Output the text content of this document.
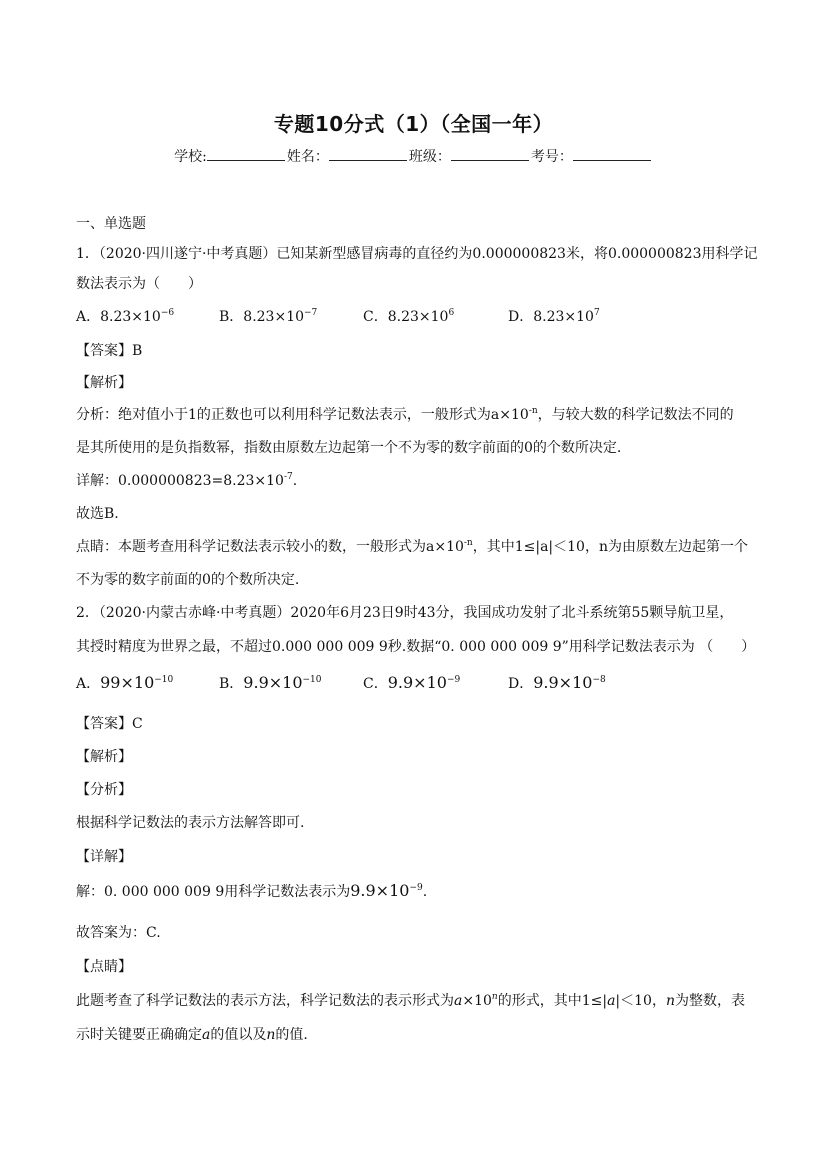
专题10分式（1）（全国一年）
学校:	姓名：	班级：	考号：
一、单选题
1．（2020·四川遂宁·中考真题）已知某新型感冒病毒的直径约为0.000000823米，将0.000000823用科学记
数法表示为（　　）
A．$8.23\times 10^{-6}$	B．$8.23\times 10^{-7}$	C．$8.23\times 10^6$	D．$8.23\times 10^7$
【答案】B
【解析】
分析：绝对值小于1的正数也可以利用科学记数法表示，一般形式为$a\times 10^{-n}$，与较大数的科学记数法不同的
是其所使用的是负指数幂，指数由原数左边起第一个不为零的数字前面的0的个数所决定.
详解：$0.000000823=8.23\times 10^{-7}$.
故选B.
点睛：本题考查用科学记数法表示较小的数，一般形式为$a\times 10^{-n}$，其中1≤|a|＜10，n为由原数左边起第一个
不为零的数字前面的0的个数所决定.
2．（2020·内蒙古赤峰·中考真题）2020年6月23日9时43分，我国成功发射了北斗系统第55颗导航卫星，
其授时精度为世界之最，不超过0.000 000 009 9秒.数据“0. 000 000 009 9”用科学记数法表示为 （　　）
A．$99\times 10^{-10}$	B．$9.9\times 10^{-10}$	C．$9.9\times 10^{-9}$	D．$9.9\times 10^{-8}$
【答案】C
【解析】
【分析】
根据科学记数法的表示方法解答即可.
【详解】
解：0. 000 000 009 9用科学记数法表示为$9.9\times 10^{-9}$.
故答案为：C.
【点睛】
此题考查了科学记数法的表示方法，科学记数法的表示形式为$a\times 10^n$的形式，其中1≤|a|＜10，n为整数，表
示时关键要正确确定a的值以及n的值.
